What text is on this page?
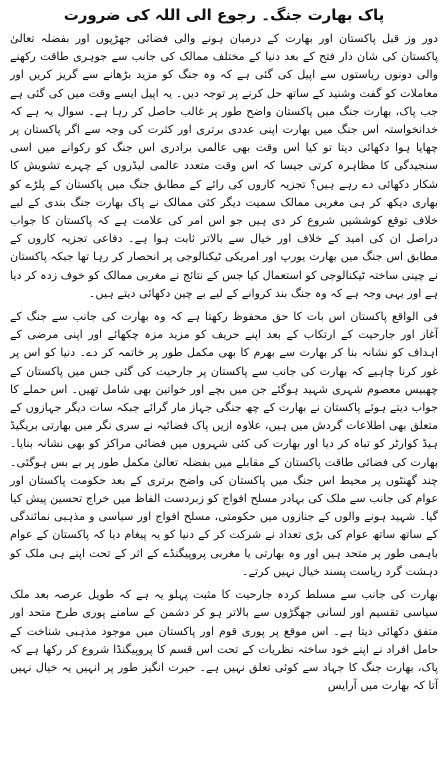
پاک بھارت جنگ۔ رجوع الی اللہ کی ضرورت

دور وز قبل پاکستان اور بھارت کے درمیان ہونے والی فضائی جھڑپوں اور بفضلہ تعالیٰ پاکستان کی شان دار فتح کے بعد دنیا کے مختلف ممالک کی جانب سے جوہری طاقت رکھنے والی دونوں ریاستوں سے اپیل کی گئی ہے کہ وہ جنگ کو مزید بڑھانے سے گریز کریں اور معاملات کو گفت وشنید کے ساتھ حل کرنے پر توجہ دیں۔ یہ اپیل ایسے وقت میں کی گئی ہے جب پاک، بھارت جنگ میں پاکستان واضح طور پر غالب حاصل کر رہا ہے۔ سوال یہ ہے کہ خدانخواستہ اس جنگ میں بھارت اپنی عددی برتری اور کثرت کی وجہ سے اگر پاکستان پر چھایا ہوا دکھائی دیتا تو کیا اس وقت بھی عالمی برادری اس جنگ کو رکوانے میں اسی سنجیدگی کا مظاہرہ کرتی جیسا کہ اس وقت متعدد عالمی لیڈروں کے چہرے تشویش کا شکار دکھائی دے رہے ہیں؟ تجزیہ کاروں کی رائے کے مطابق جنگ میں پاکستان کے پلڑے کو بھاری دیکھ کر ہی مغربی ممالک سمیت دیگر کئی ممالک نے پاک بھارت جنگ بندی کے لیے خلاف توقع کوششیں شروع کر دی ہیں جو اس امر کی علامت ہے کہ پاکستان کا جواب دراصل ان کی امید کے خلاف اور خیال سے بالاتر ثابت ہوا ہے۔ دفاعی تجزیہ کاروں کے مطابق اس جنگ میں بھارت یورپ اور امریکی ٹیکنالوجی پر انحصار کر رہا تھا جبکہ پاکستان نے چینی ساختہ ٹیکنالوجی کو استعمال کیا جس کے نتائج نے مغربی ممالک کو خوف زدہ کر دیا ہے اور یہی وجہ ہے کہ وہ جنگ بند کروانے کے لیے بے چین دکھائی دیتے ہیں۔

فی الواقع پاکستان اس بات کا حق محفوظ رکھتا ہے کہ وہ بھارت کی جانب سے جنگ کے آغاز اور جارحیت کے ارتکاب کے بعد اپنے حریف کو مزید مزہ چکھائے اور اپنی مرضی کے اہداف کو نشانہ بنا کر بھارت سے بھرم کا بھی مکمل طور پر خاتمہ کر دے۔ دنیا کو اس پر غور کرنا چاہیے کہ بھارت کی جانب سے پاکستان پر جارحیت کی گئی جس میں پاکستان کے چھبیس معصوم شہری شہید ہوگئے جن میں بچے اور خواتین بھی شامل تھیں۔ اس حملے کا جواب دیتے ہوئے پاکستان نے بھارت کے چھ جنگی جہاز مار گرائے جبکہ سات دیگر جہازوں کے متعلق بھی اطلاعات گردش میں ہیں، علاوہ ازیں پاک فضائیہ نے سری نگر میں بھارتی بریگیڈ ہیڈ کوارٹر کو تباہ کر دیا اور بھارت کی کئی شہروں میں فضائی مراکز کو بھی نشانہ بنایا۔ بھارت کی فضائی طاقت پاکستان کے مقابلے میں بفضلہ تعالیٰ مکمل طور پر بے بس ہوگئی۔ چند گھنٹوں پر محیط اس جنگ میں پاکستان کی واضح برتری کے بعد حکومت پاکستان اور عوام کی جانب سے ملک کی بہادر مسلح افواج کو زبردست الفاظ میں خراج تحسین پیش کیا گیا۔ شہید ہونے والوں کے جنازوں میں حکومتی، مسلح افواج اور سیاسی و مذہبی نمائندگی کے ساتھ ساتھ عوام کی بڑی تعداد نے شرکت کر کے دنیا کو یہ پیغام دیا کہ پاکستان کے عوام باہمی طور پر متحد ہیں اور وہ بھارتی یا مغربی پروپیگنڈے کے اثر کے تحت اپنے ہی ملک کو دہشت گرد ریاست پسند خیال نہیں کرتے۔

بھارت کی جانب سے مسلط کردہ جارحیت کا مثبت پہلو یہ ہے کہ طویل عرصہ بعد ملک سیاسی تقسیم اور لسانی جھگڑوں سے بالاتر ہو کر دشمن کے سامنے پوری طرح متحد اور متفق دکھائی دیتا ہے۔ اس موقع پر پوری قوم اور پاکستان میں موجود مذہبی شناخت کے حامل افراد نے اپنے خود ساختہ نظریات کے تحت اس قسم کا پروپیگنڈا شروع کر رکھا ہے کہ پاک، بھارت جنگ کا جہاد سے کوئی تعلق نہیں ہے۔ حیرت انگیز طور پر انہیں یہ خیال نہیں آتا کہ بھارت میں آرایس
